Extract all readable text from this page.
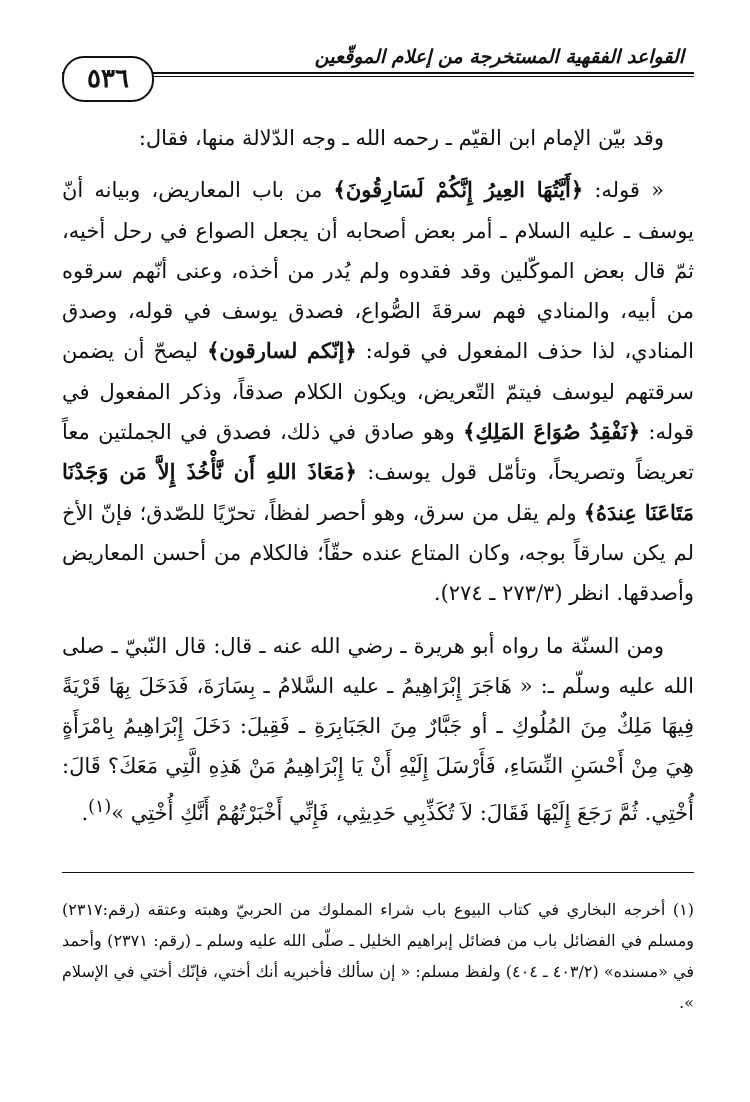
القواعد الفقهية المستخرجة من إعلام الموقّعين
٥٣٦

وقد بيّن الإمام ابن القيّم ـ رحمه الله ـ وجه الدّلالة منها، فقال:

« قوله: ﴿أَيَّتُهَا العِيرُ إِنَّكُمْ لَسَارِقُونَ﴾ من باب المعاريض، وبيانه أنّ يوسف ـ عليه السلام ـ أمر بعض أصحابه أن يجعل الصواع في رحل أخيه، ثمّ قال بعض الموكّلين وقد فقدوه ولم يُدر من أخذه، وعنى أنّهم سرقوه من أبيه، والمنادي فهم سرقةَ الصُّواع، فصدق يوسف في قوله، وصدق المنادي، لذا حذف المفعول في قوله: ﴿إنّكم لسارقون﴾ ليصحّ أن يضمن سرقتهم ليوسف فيتمّ التّعريض، ويكون الكلام صدقاً، وذكر المفعول في قوله: ﴿نَفْقِدُ صُوَاعَ المَلِكِ﴾ وهو صادق في ذلك، فصدق في الجملتين معاً تعريضاً وتصريحاً، وتأمّل قول يوسف: ﴿مَعَاذَ اللهِ أَن نَّأْخُذَ إِلاَّ مَن وَجَدْنَا مَتَاعَنَا عِندَهُ﴾ ولم يقل من سرق، وهو أحصر لفظاً، تحرّيًا للصّدق؛ فإنّ الأخ لم يكن سارقاً بوجه، وكان المتاع عنده حقّاً؛ فالكلام من أحسن المعاريض وأصدقها. انظر (٢٧٣/٣ ـ ٢٧٤).

ومن السنّة ما رواه أبو هريرة ـ رضي الله عنه ـ قال: قال النّبيّ ـ صلى الله عليه وسلّم ـ: « هَاجَرَ إِبْرَاهِيمُ ـ عليه السَّلامُ ـ بِسَارَةَ، فَدَخَلَ بِهَا قَرْيَةً فِيهَا مَلِكٌ مِنَ المُلُوكِ ـ أو جَبَّارٌ مِنَ الجَبَابِرَةِ ـ فَقِيلَ: دَخَلَ إِبْرَاهِيمُ بِامْرَأَةٍ هِيَ مِنْ أَحْسَنِ النِّسَاءِ، فَأَرْسَلَ إِلَيْهِ أَنْ يَا إِبْرَاهِيمُ مَنْ هَذِهِ الَّتِي مَعَكَ؟ قَالَ: أُخْتِي. ثُمَّ رَجَعَ إِلَيْهَا فَقَالَ: لاَ تُكَذِّبِي حَدِيثِي، فَإِنِّي أَخْبَرْتُهُمْ أَنَّكِ أُخْتِي »$^{(١)}$.

(١) أخرجه البخاري في كتاب البيوع باب شراء المملوك من الحربيّ وهبته وعتقه (رقم:٢٣١٧) ومسلم في الفضائل باب من فضائل إبراهيم الخليل ـ صلّى الله عليه وسلم ـ (رقم: ٢٣٧١) وأحمد في «مسنده» (٤٠٣/٢ ـ ٤٠٤) ولفظ مسلم: « إن سألك فأخبريه أنك أختي، فإنّك أختي في الإسلام ».
